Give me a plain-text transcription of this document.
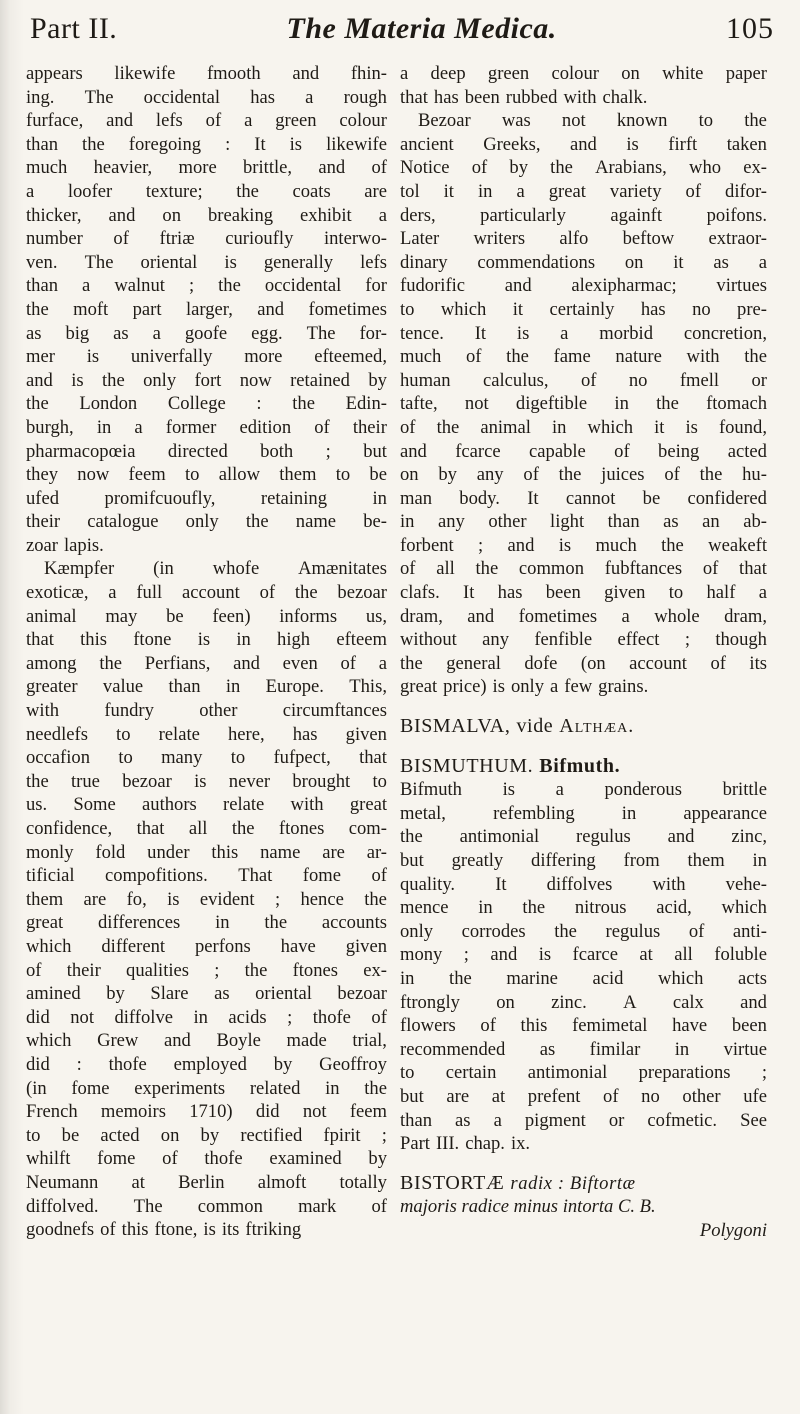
Part II.	The Materia Medica.	105
appears likewife fmooth and fhin-
ing. The occidental has a rough
furface, and lefs of a green colour
than the foregoing : It is likewife
much heavier, more brittle, and of
a loofer texture; the coats are
thicker, and on breaking exhibit a
number of ftriæ curioufly interwo-
ven. The oriental is generally lefs
than a walnut ; the occidental for
the moft part larger, and fometimes
as big as a goofe egg. The for-
mer is univerfally more efteemed,
and is the only fort now retained by
the London College : the Edin-
burgh, in a former edition of their
pharmacopœia directed both ; but
they now feem to allow them to be
ufed promifcuoufly, retaining in
their catalogue only the name be-
zoar lapis.
Kæmpfer (in whofe Amænitates
exoticæ, a full account of the bezoar
animal may be feen) informs us,
that this ftone is in high efteem
among the Perfians, and even of a
greater value than in Europe. This,
with fundry other circumftances
needlefs to relate here, has given
occafion to many to fufpect, that
the true bezoar is never brought to
us. Some authors relate with great
confidence, that all the ftones com-
monly fold under this name are ar-
tificial compofitions. That fome of
them are fo, is evident ; hence the
great differences in the accounts
which different perfons have given
of their qualities ; the ftones ex-
amined by Slare as oriental bezoar
did not diffolve in acids ; thofe of
which Grew and Boyle made trial,
did : thofe employed by Geoffroy
(in fome experiments related in the
French memoirs 1710) did not feem
to be acted on by rectified fpirit ;
whilft fome of thofe examined by
Neumann at Berlin almoft totally
diffolved. The common mark of
goodnefs of this ftone, is its ftriking
a deep green colour on white paper
that has been rubbed with chalk.
Bezoar was not known to the
ancient Greeks, and is firft taken
Notice of by the Arabians, who ex-
tol it in a great variety of difor-
ders, particularly againft poifons.
Later writers alfo beftow extraor-
dinary commendations on it as a
fudorific and alexipharmac; virtues
to which it certainly has no pre-
tence. It is a morbid concretion,
much of the fame nature with the
human calculus, of no fmell or
tafte, not digeftible in the ftomach
of the animal in which it is found,
and fcarce capable of being acted
on by any of the juices of the hu-
man body. It cannot be confidered
in any other light than as an ab-
forbent ; and is much the weakeft
of all the common fubftances of that
clafs. It has been given to half a
dram, and fometimes a whole dram,
without any fenfible effect ; though
the general dofe (on account of its
great price) is only a few grains.
BISMALVA, vide Althæa.
BISMUTHUM. Bifmuth.
Bifmuth is a ponderous brittle
metal,	refembling	in	appearance
the antimonial regulus and zinc,
but greatly differing from them in
quality. It diffolves with vehe-
mence in the nitrous acid, which
only corrodes the regulus of anti-
mony ; and is fcarce at all foluble
in the marine acid which acts
ftrongly on zinc. A calx and
flowers of this femimetal have been
recommended as fimilar in virtue
to certain antimonial preparations ;
but are at prefent of no other ufe
than as a pigment or cofmetic. See
Part III. chap. ix.
BISTORTÆ radix : Biftortæ
majoris radice minus intorta C. B.
Polygoni
